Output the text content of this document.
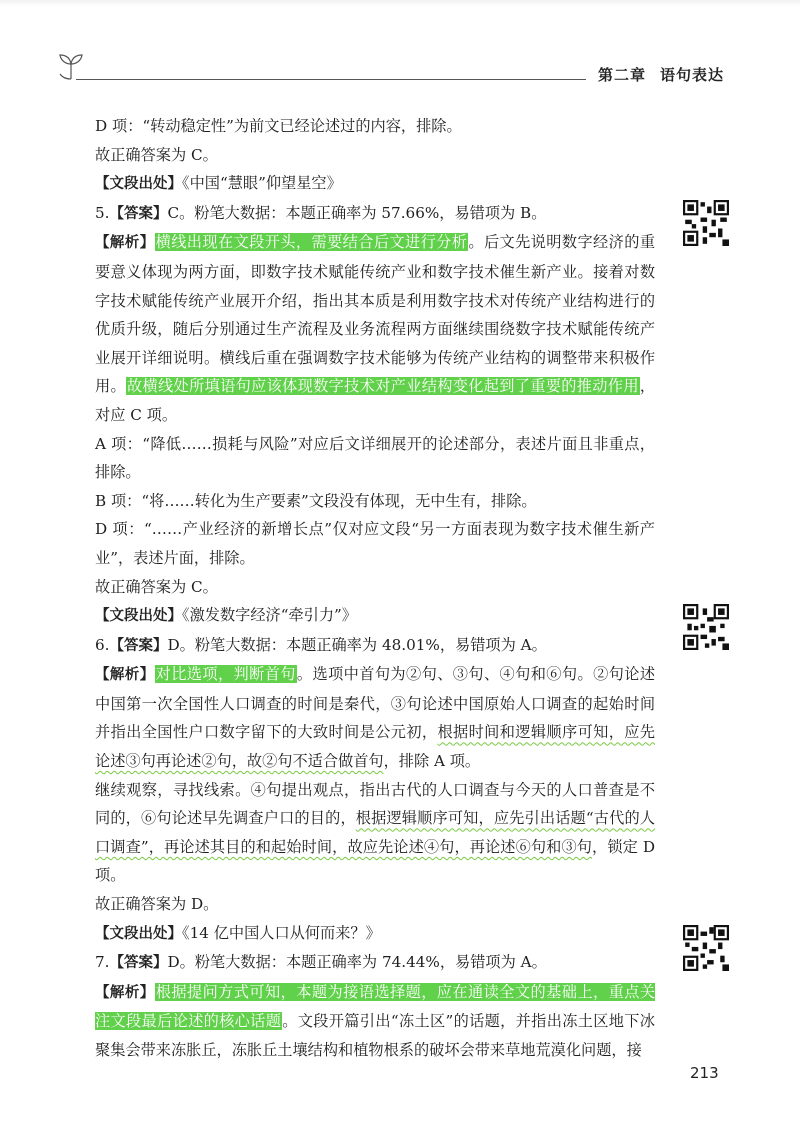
第二章 语句表达

D 项：“转动稳定性”为前文已经论述过的内容，排除。

故正确答案为 C。

【文段出处】《中国“慧眼”仰望星空》

5.【答案】C。粉笔大数据：本题正确率为 57.66%，易错项为 B。

【解析】横线出现在文段开头，需要结合后文进行分析。后文先说明数字经济的重要意义体现为两方面，即数字技术赋能传统产业和数字技术催生新产业。接着对数字技术赋能传统产业展开介绍，指出其本质是利用数字技术对传统产业结构进行的优质升级，随后分别通过生产流程及业务流程两方面继续围绕数字技术赋能传统产业展开详细说明。横线后重在强调数字技术能够为传统产业结构的调整带来积极作用。故横线处所填语句应该体现数字技术对产业结构变化起到了重要的推动作用，对应 C 项。

A 项：“降低……损耗与风险”对应后文详细展开的论述部分，表述片面且非重点，排除。

B 项：“将……转化为生产要素”文段没有体现，无中生有，排除。

D 项：“……产业经济的新增长点”仅对应文段“另一方面表现为数字技术催生新产业”，表述片面，排除。

故正确答案为 C。

【文段出处】《激发数字经济“牵引力”》

6.【答案】D。粉笔大数据：本题正确率为 48.01%，易错项为 A。

【解析】对比选项，判断首句。选项中首句为②句、③句、④句和⑥句。②句论述中国第一次全国性人口调查的时间是秦代，③句论述中国原始人口调查的起始时间并指出全国性户口数字留下的大致时间是公元初，根据时间和逻辑顺序可知，应先论述③句再论述②句，故②句不适合做首句，排除 A 项。

继续观察，寻找线索。④句提出观点，指出古代的人口调查与今天的人口普查是不同的，⑥句论述早先调查户口的目的，根据逻辑顺序可知，应先引出话题“古代的人口调查”，再论述其目的和起始时间，故应先论述④句，再论述⑥句和③句，锁定 D 项。

故正确答案为 D。

【文段出处】《14 亿中国人口从何而来？》

7.【答案】D。粉笔大数据：本题正确率为 74.44%，易错项为 A。

【解析】根据提问方式可知，本题为接语选择题，应在通读全文的基础上，重点关注文段最后论述的核心话题。文段开篇引出“冻土区”的话题，并指出冻土区地下冰聚集会带来冻胀丘，冻胀丘土壤结构和植物根系的破坏会带来草地荒漠化问题，接

213
